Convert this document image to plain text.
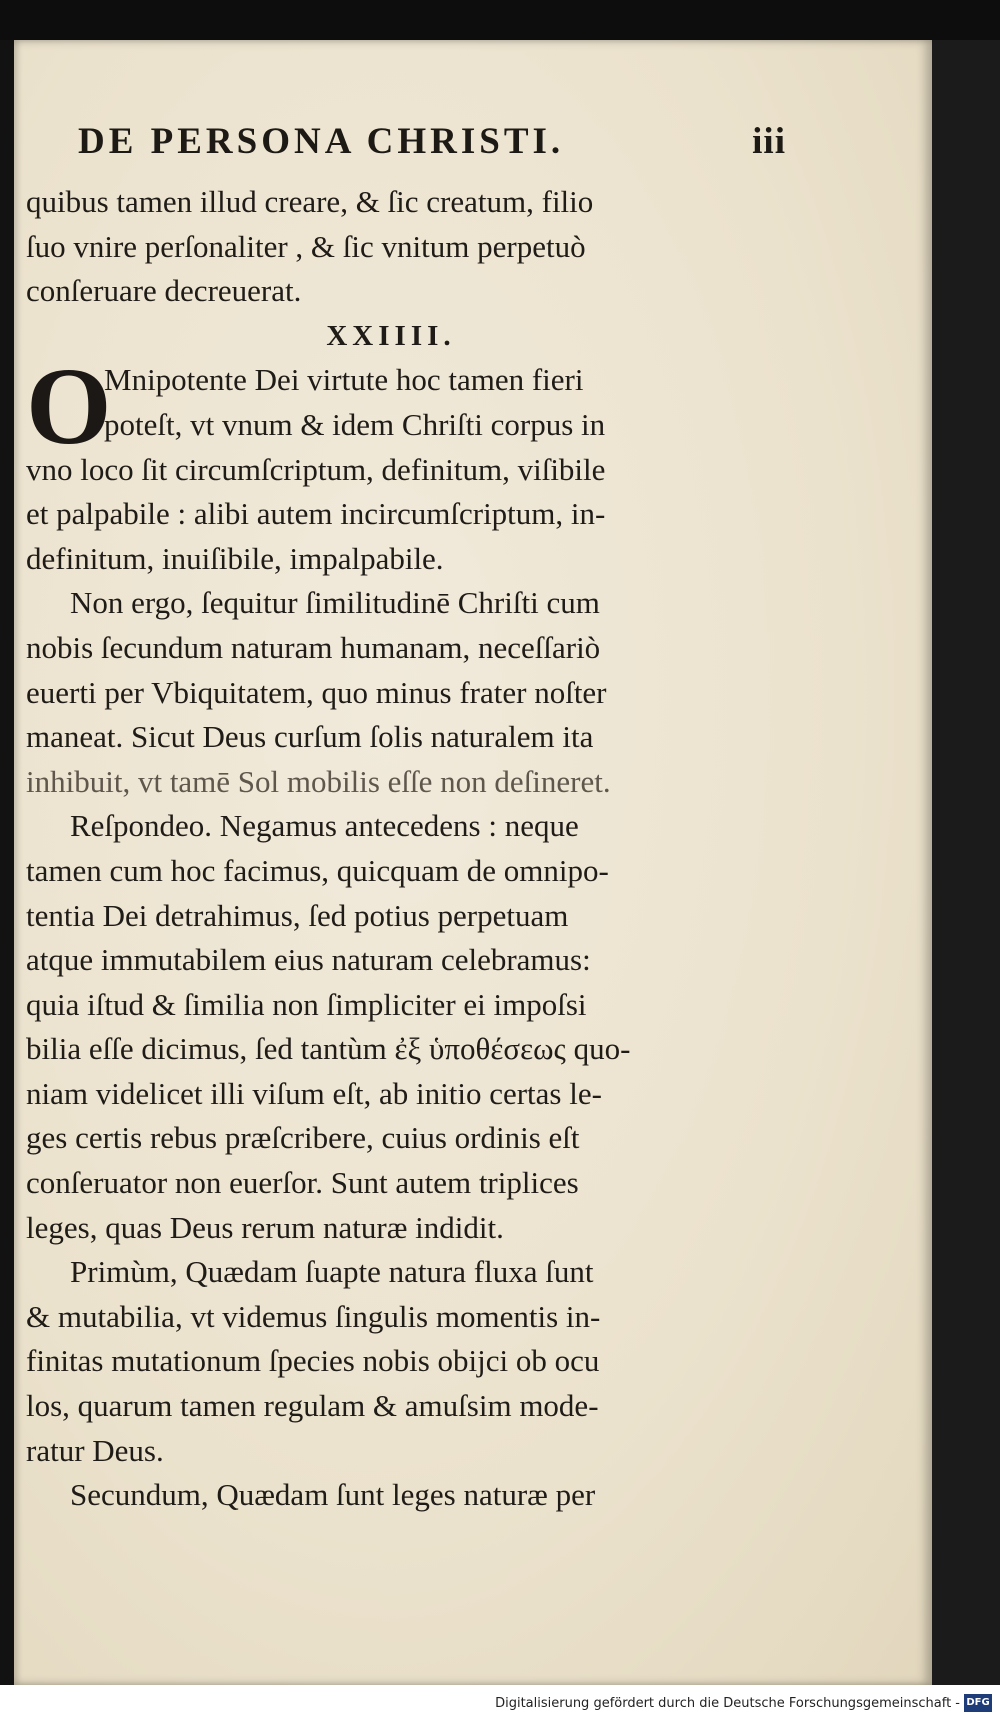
DE PERSONA CHRISTI.	iii
quibus tamen illud creare, & ſic creatum, filio
ſuo vnire perſonaliter , & ſic vnitum perpetuò
conſeruare decreuerat.
XXIIII.
O
Mnipotente Dei virtute hoc tamen fieri
poteſt, vt vnum & idem Chriſti corpus in
vno loco ſit circumſcriptum, definitum, viſibile
et palpabile : alibi autem incircumſcriptum, in-
definitum, inuiſibile, impalpabile.
Non ergo, ſequitur ſimilitudinē Chriſti cum
nobis ſecundum naturam humanam, neceſſariò
euerti per Vbiquitatem, quo minus frater noſter
maneat. Sicut Deus curſum ſolis naturalem ita
inhibuit, vt tamē Sol mobilis eſſe non deſineret.
Reſpondeo. Negamus antecedens : neque
tamen cum hoc facimus, quicquam de omnipo-
tentia Dei detrahimus, ſed potius perpetuam
atque immutabilem eius naturam celebramus:
quia iſtud & ſimilia non ſimpliciter ei impoſsi
bilia eſſe dicimus, ſed tantùm ἐξ ὑποθέσεως quo-
niam videlicet illi viſum eſt, ab initio certas le-
ges certis rebus præſcribere, cuius ordinis eſt
conſeruator non euerſor. Sunt autem triplices
leges, quas Deus rerum naturæ indidit.
Primùm, Quædam ſuapte natura fluxa ſunt
& mutabilia, vt videmus ſingulis momentis in-
finitas mutationum ſpecies nobis obijci ob ocu
los, quarum tamen regulam & amuſsim mode-
ratur Deus.
Secundum, Quædam ſunt leges naturæ per
Digitalisierung gefördert durch die Deutsche Forschungsgemeinschaft - DFG
